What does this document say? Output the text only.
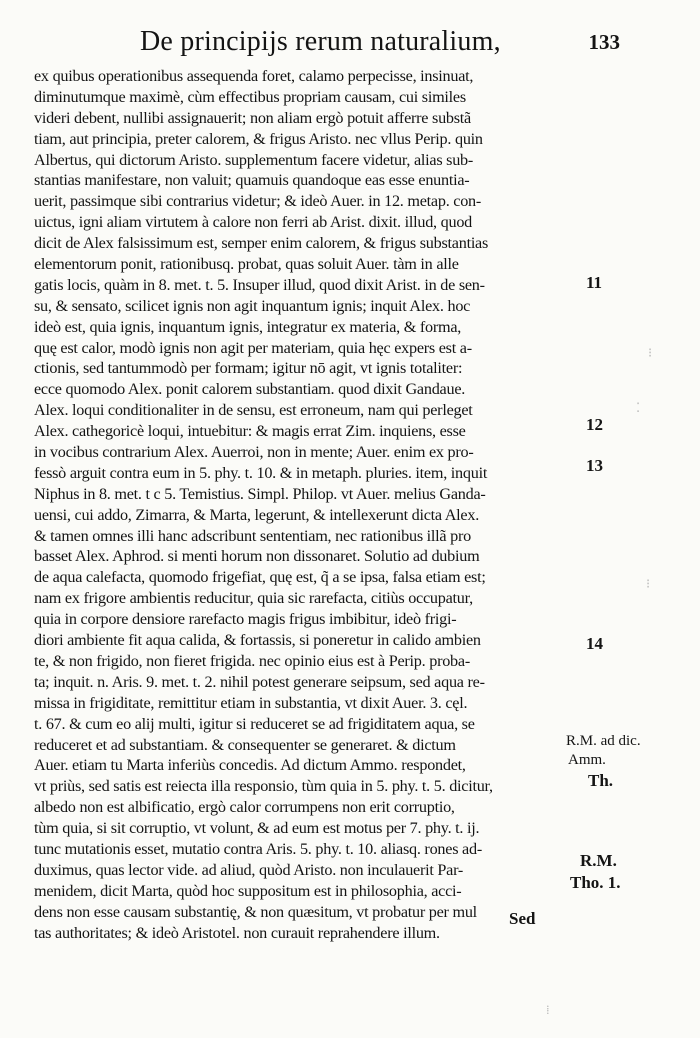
De principijs rerum naturalium,	133
ex quibus operationibus assequenda foret, calamo perpecisse, insinuat,
diminutumque maximè, cùm effectibus propriam causam, cui similes
videri debent, nullibi assignauerit; non aliam ergò potuit afferre substã
tiam, aut principia, preter calorem, & frigus Aristo. nec vllus Perip. quin
Albertus, qui dictorum Aristo. supplementum facere videtur, alias sub-
stantias manifestare, non valuit; quamuis quandoque eas esse enuntia-
uerit, passimque sibi contrarius videtur; & ideò Auer. in 12. metap. con-
uictus, igni aliam virtutem à calore non ferri ab Arist. dixit. illud, quod
dicit de Alex falsissimum est, semper enim calorem, & frigus substantias
elementorum ponit, rationibusq. probat, quas soluit Auer. tàm in alle
gatis locis, quàm in 8. met. t. 5. Insuper illud, quod dixit Arist. in de sen-
su, & sensato, scilicet ignis non agit inquantum ignis; inquit Alex. hoc
ideò est, quia ignis, inquantum ignis, integratur ex materia, & forma,
quę est calor, modò ignis non agit per materiam, quia hęc expers est a-
ctionis, sed tantummodò per formam; igitur nō agit, vt ignis totaliter:
ecce quomodo Alex. ponit calorem substantiam. quod dixit Gandaue.
Alex. loqui conditionaliter in de sensu, est erroneum, nam qui perleget
Alex. cathegoricè loqui, intuebitur: & magis errat Zim. inquiens, esse
in vocibus contrarium Alex. Auerroi, non in mente; Auer. enim ex pro-
fessò arguit contra eum in 5. phy. t. 10. & in metaph. pluries. item, inquit
Niphus in 8. met. t c 5. Temistius. Simpl. Philop. vt Auer. melius Ganda-
uensi, cui addo, Zimarra, & Marta, legerunt, & intellexerunt dicta Alex.
& tamen omnes illi hanc adscribunt sententiam, nec rationibus illã pro
basset Alex. Aphrod. si menti horum non dissonaret. Solutio ad dubium
de aqua calefacta, quomodo frigefiat, quę est, q̃ a se ipsa, falsa etiam est;
nam ex frigore ambientis reducitur, quia sic rarefacta, citiùs occupatur,
quia in corpore densiore rarefacto magis frigus imbibitur, ideò frigi-
diori ambiente fit aqua calida, & fortassis, si poneretur in calido ambien
te, & non frigido, non fieret frigida. nec opinio eius est à Perip. proba-
ta; inquit. n. Aris. 9. met. t. 2. nihil potest generare seipsum, sed aqua re-
missa in frigiditate, remittitur etiam in substantia, vt dixit Auer. 3. cęl.
t. 67. & cum eo alij multi, igitur si reduceret se ad frigiditatem aqua, se
reduceret et ad substantiam. & consequenter se generaret. & dictum
Auer. etiam tu Marta inferiùs concedis. Ad dictum Ammo. respondet,
vt priùs, sed satis est reiecta illa responsio, tùm quia in 5. phy. t. 5. dicitur,
albedo non est albificatio, ergò calor corrumpens non erit corruptio,
tùm quia, si sit corruptio, vt volunt, & ad eum est motus per 7. phy. t. ij.
tunc mutationis esset, mutatio contra Aris. 5. phy. t. 10. aliasq. rones ad-
duximus, quas lector vide. ad aliud, quòd Aristo. non inculauerit Par-
menidem, dicit Marta, quòd hoc suppositum est in philosophia, acci-
dens non esse causam substantię, & non quæsitum, vt probatur per mul
tas authoritates; & ideò Aristotel. non curauit reprahendere illum.
Sed
11
12
13
14
R.M. ad dic.
Amm.
Th.
R.M.
Tho. 1.
⁝
⁚
⁝
⁞
